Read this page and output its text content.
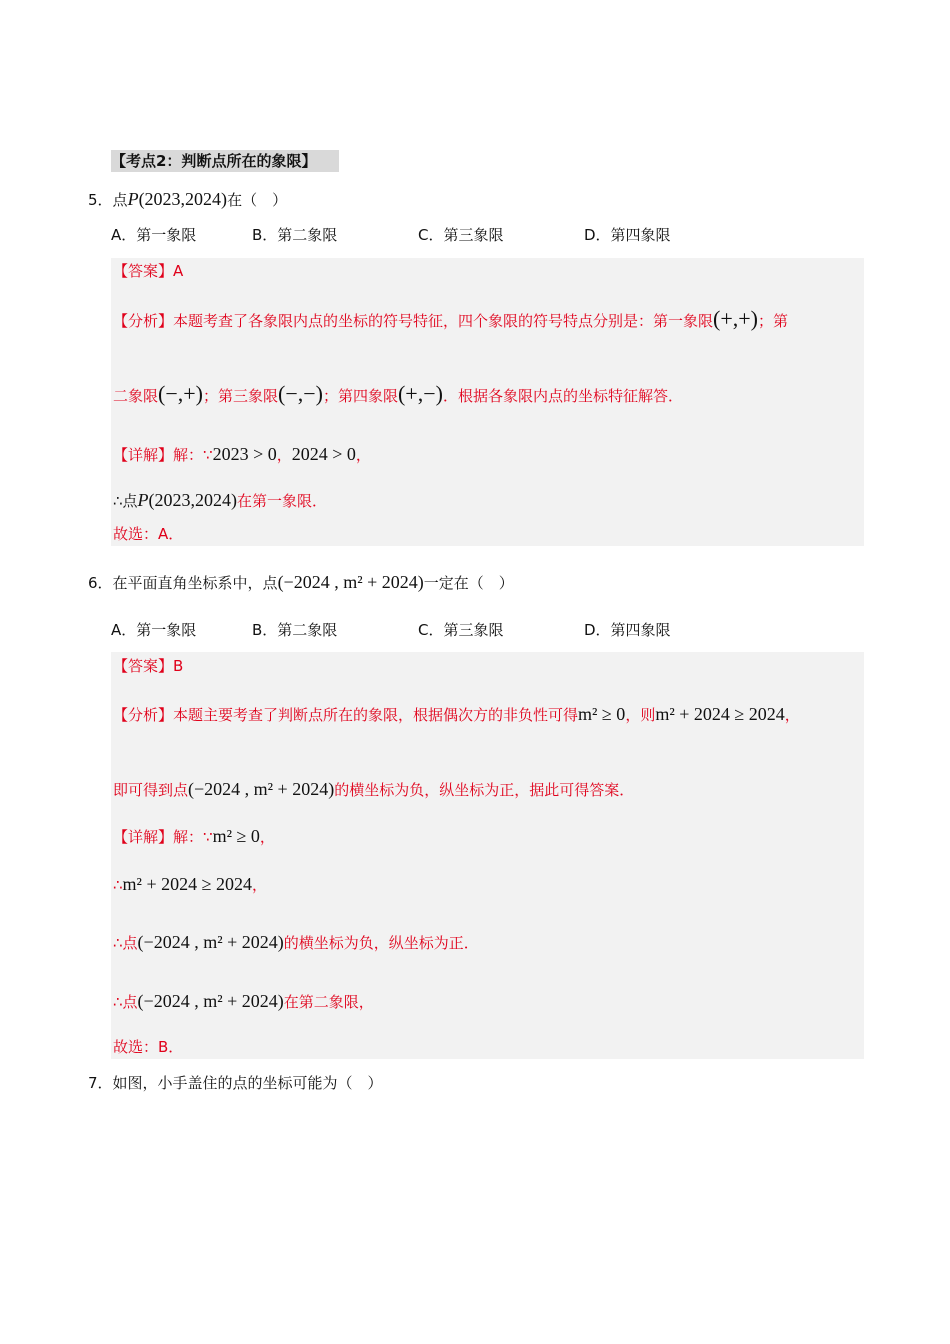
【考点2：判断点所在的象限】
5．点P(2023,2024)在（　）
A．第一象限	B．第二象限	C．第三象限	D．第四象限
【答案】A
【分析】本题考查了各象限内点的坐标的符号特征，四个象限的符号特点分别是：第一象限(+,+)；第
二象限(−,+)；第三象限(−,−)；第四象限(+,−)．根据各象限内点的坐标特征解答．
【详解】解：∵2023 > 0，2024 > 0，
∴点P(2023,2024)在第一象限．
故选：A．
6．在平面直角坐标系中，点(−2024 , m² + 2024)一定在（　）
A．第一象限	B．第二象限	C．第三象限	D．第四象限
【答案】B
【分析】本题主要考查了判断点所在的象限，根据偶次方的非负性可得m² ≥ 0，则m² + 2024 ≥ 2024，
即可得到点(−2024 , m² + 2024)的横坐标为负，纵坐标为正，据此可得答案．
【详解】解：∵m² ≥ 0，
∴m² + 2024 ≥ 2024，
∴点(−2024 , m² + 2024)的横坐标为负，纵坐标为正．
∴点(−2024 , m² + 2024)在第二象限，
故选：B．
7．如图，小手盖住的点的坐标可能为（　）
